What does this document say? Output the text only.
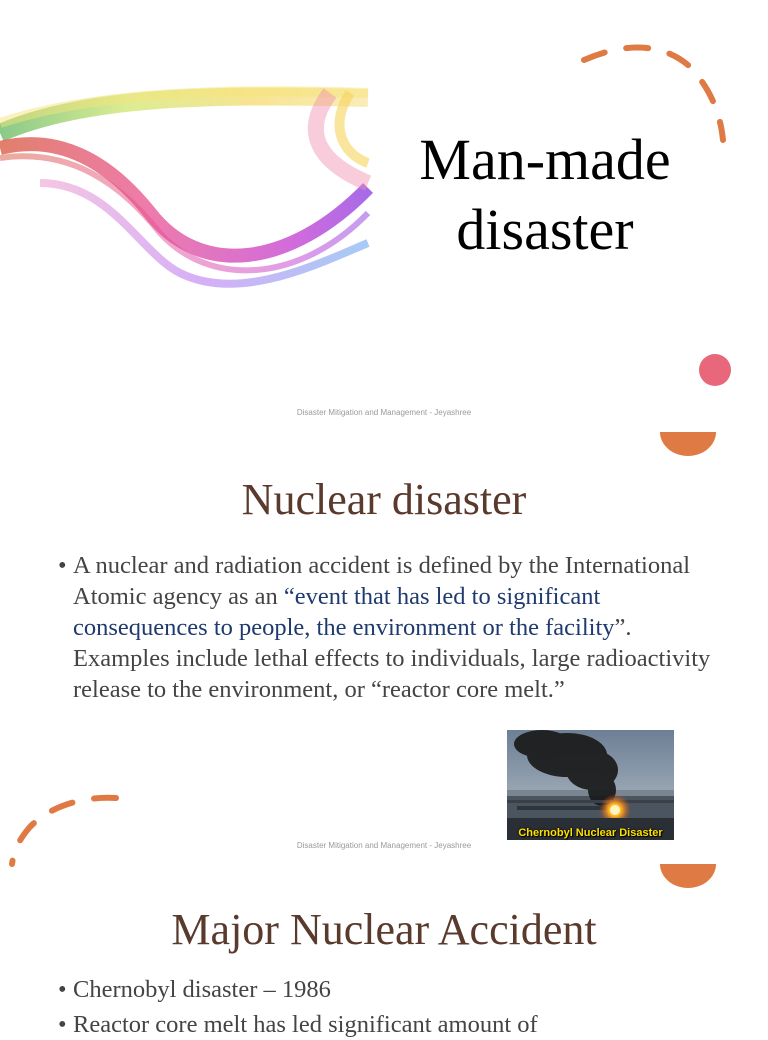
Man-made
disaster
Disaster Mitigation and Management - Jeyashree
Nuclear disaster
• A nuclear and radiation accident is defined by the International Atomic agency as an “event that has led to significant consequences to people, the environment or the facility”. Examples include lethal effects to individuals, large radioactivity release to the environment, or “reactor core melt.”
Chernobyl Nuclear Disaster
Disaster Mitigation and Management - Jeyashree
Major Nuclear Accident
• Chernobyl disaster – 1986
• Reactor core melt has led significant amount of
